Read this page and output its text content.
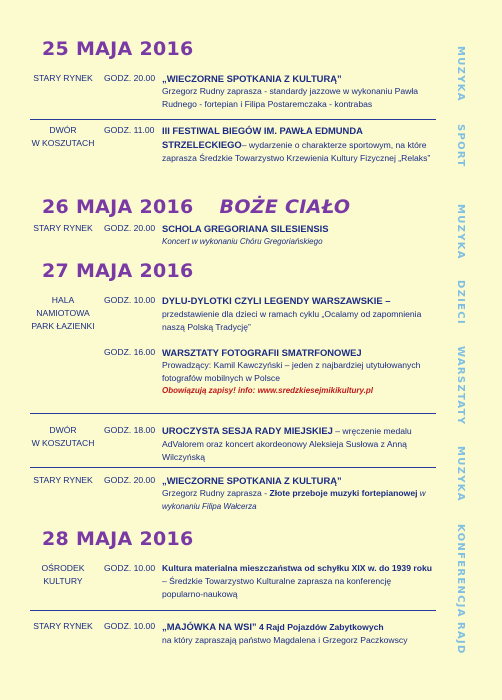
25 MAJA 2016
STARY RYNEK	GODZ. 20.00 „WIECZORNE SPOTKANIA Z KULTURĄ”
Grzegorz Rudny zaprasza - standardy jazzowe w wykonaniu Pawła Rudnego - fortepian i Filipa Postaremczaka - kontrabas
DWÓR
W KOSZUTACH
GODZ. 11.00 III FESTIWAL BIEGÓW IM. PAWŁA EDMUNDA STRZELECKIEGO– wydarzenie o charakterze sportowym, na które zaprasza Średzkie Towarzystwo Krzewienia Kultury Fizycznej „Relaks”
26 MAJA 2016 BOŻE CIAŁO
STARY RYNEK	GODZ. 20.00 SCHOLA GREGORIANA SILESIENSIS
Koncert w wykonaniu Chóru Gregoriańskiego
27 MAJA 2016
HALA
NAMIOTOWA
PARK ŁAZIENKI
GODZ. 10.00 DYLU-DYLOTKI CZYLI LEGENDY WARSZAWSKIE – przedstawienie dla dzieci w ramach cyklu „Ocalamy od zapomnienia naszą Polską Tradycję”
GODZ. 16.00 WARSZTATY FOTOGRAFII SMATRFONOWEJ
Prowadzący: Kamil Kawczyński – jeden z najbardziej utytułowanych fotografów mobilnych w Polsce
Obowiązują zapisy! info: www.sredzkiesejmikikultury.pl
DWÓR
W KOSZUTACH
GODZ. 18.00 UROCZYSTA SESJA RADY MIEJSKIEJ – wręczenie medalu AdValorem oraz koncert akordeonowy Aleksieja Susłowa z Anną Wilczyńską
STARY RYNEK	GODZ. 20.00 „WIECZORNE SPOTKANIA Z KULTURĄ”
Grzegorz Rudny zaprasza - Złote przeboje muzyki fortepianowej w wykonaniu Filipa Wałcerza
28 MAJA 2016
OŚRODEK
KULTURY
GODZ. 10.00 Kultura materialna mieszczaństwa od schyłku XIX w. do 1939 roku – Średzkie Towarzystwo Kulturalne zaprasza na konferencję popularno-naukową
STARY RYNEK	GODZ. 10.00 „MAJÓWKA NA WSI” 4 Rajd Pojazdów Zabytkowych
na który zapraszają państwo Magdalena i Grzegorz Paczkowscy
MUZYKA
SPORT
MUZYKA
DZIECI
WARSZTATY
MUZYKA
KONFERENCJA
RAJD
